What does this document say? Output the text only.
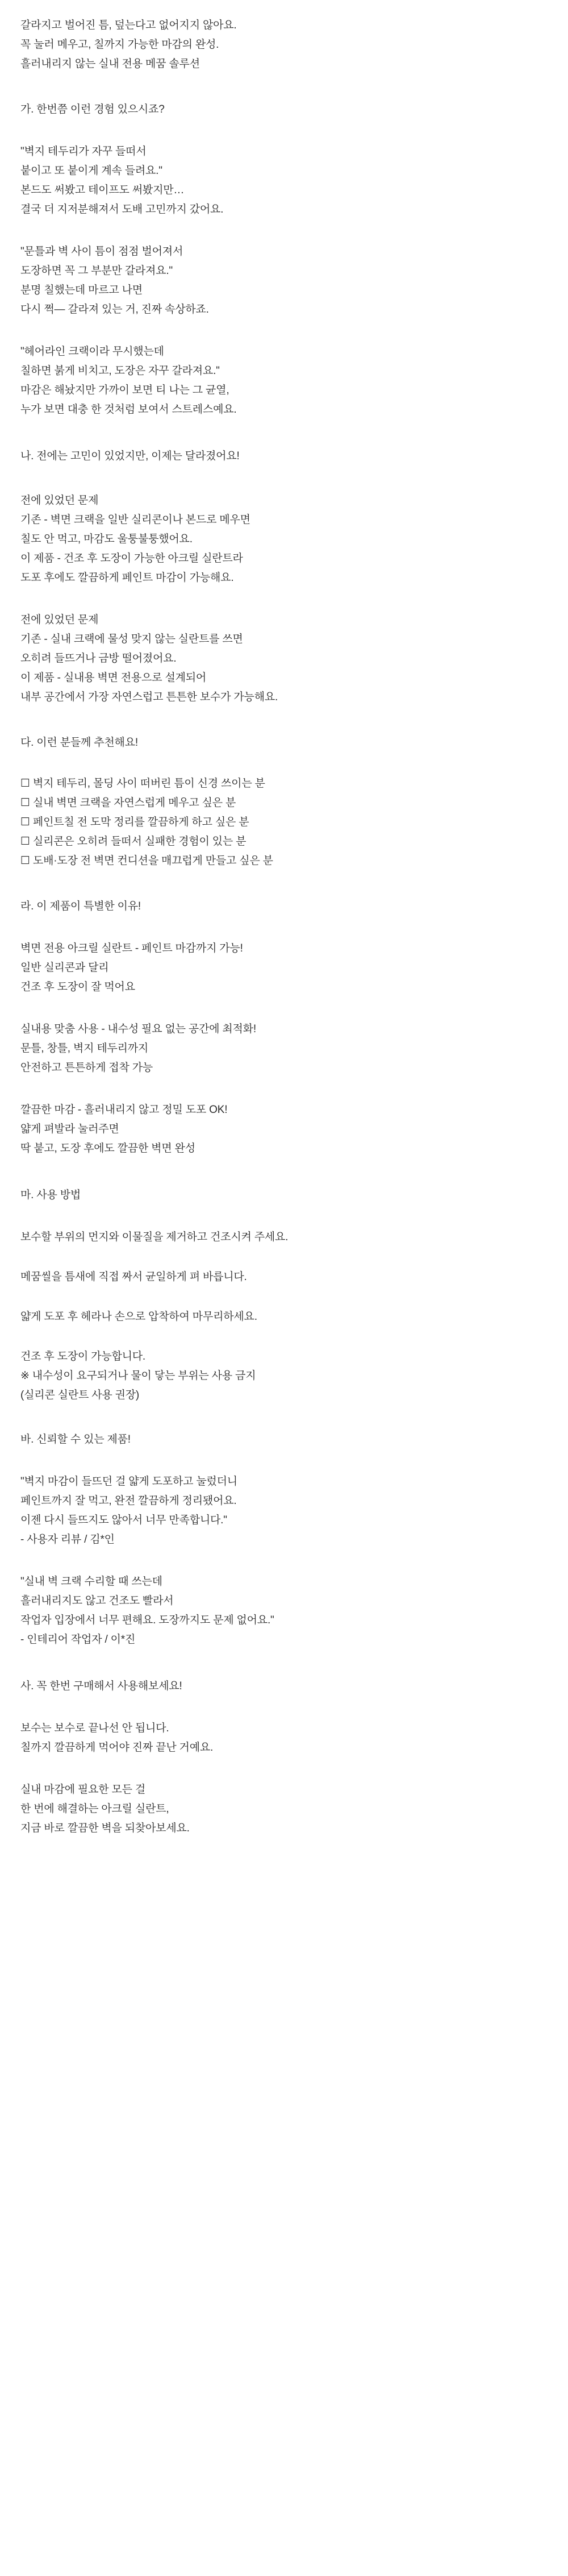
갈라지고 벌어진 틈, 덮는다고 없어지지 않아요.
꼭 눌러 메우고, 칠까지 가능한 마감의 완성.
흘러내리지 않는 실내 전용 메꿈 솔루션
가. 한번쯤 이런 경험 있으시죠?
"벽지 테두리가 자꾸 들떠서
붙이고 또 붙이게 계속 들려요."
본드도 써봤고 테이프도 써봤지만…
결국 더 지저분해져서 도배 고민까지 갔어요.
"문틀과 벽 사이 틈이 점점 벌어져서
도장하면 꼭 그 부분만 갈라져요."
분명 칠했는데 마르고 나면
다시 쩍— 갈라져 있는 거, 진짜 속상하죠.
"헤어라인 크랙이라 무시했는데
칠하면 붉게 비치고, 도장은 자꾸 갈라져요."
마감은 해놨지만 가까이 보면 티 나는 그 균열,
누가 보면 대충 한 것처럼 보여서 스트레스예요.
나. 전에는 고민이 있었지만, 이제는 달라졌어요!
전에 있었던 문제
기존 - 벽면 크랙을 일반 실리콘이나 본드로 메우면
칠도 안 먹고, 마감도 울퉁불퉁했어요.
이 제품 - 건조 후 도장이 가능한 아크릴 실란트라
도포 후에도 깔끔하게 페인트 마감이 가능해요.
전에 있었던 문제
기존 - 실내 크랙에 물성 맞지 않는 실란트를 쓰면
오히려 들뜨거나 금방 떨어졌어요.
이 제품 - 실내용 벽면 전용으로 설계되어
내부 공간에서 가장 자연스럽고 튼튼한 보수가 가능해요.
다. 이런 분들께 추천해요!
☐ 벽지 테두리, 몰딩 사이 떠버린 틈이 신경 쓰이는 분
☐ 실내 벽면 크랙을 자연스럽게 메우고 싶은 분
☐ 페인트칠 전 도막 정리를 깔끔하게 하고 싶은 분
☐ 실리콘은 오히려 들떠서 실패한 경험이 있는 분
☐ 도배·도장 전 벽면 컨디션을 매끄럽게 만들고 싶은 분
라. 이 제품이 특별한 이유!
벽면 전용 아크릴 실란트 - 페인트 마감까지 가능!
일반 실리콘과 달리
건조 후 도장이 잘 먹어요
실내용 맞춤 사용 - 내수성 필요 없는 공간에 최적화!
문틀, 창틀, 벽지 테두리까지
안전하고 튼튼하게 접착 가능
깔끔한 마감 - 흘러내리지 않고 정밀 도포 OK!
얇게 펴발라 눌러주면
딱 붙고, 도장 후에도 깔끔한 벽면 완성
마. 사용 방법
보수할 부위의 먼지와 이물질을 제거하고 건조시켜 주세요.
메꿈씰을 틈새에 직접 짜서 균일하게 펴 바릅니다.
얇게 도포 후 헤라나 손으로 압착하여 마무리하세요.
건조 후 도장이 가능합니다.
※ 내수성이 요구되거나 물이 닿는 부위는 사용 금지
(실리콘 실란트 사용 권장)
바. 신뢰할 수 있는 제품!
"벽지 마감이 들뜨던 걸 얇게 도포하고 눌렀더니
페인트까지 잘 먹고, 완전 깔끔하게 정리됐어요.
이젠 다시 들뜨지도 않아서 너무 만족합니다."
- 사용자 리뷰 / 김*인
"실내 벽 크랙 수리할 때 쓰는데
흘러내리지도 않고 건조도 빨라서
작업자 입장에서 너무 편해요. 도장까지도 문제 없어요."
- 인테리어 작업자 / 이*진
사. 꼭 한번 구매해서 사용해보세요!
보수는 보수로 끝나선 안 됩니다.
칠까지 깔끔하게 먹어야 진짜 끝난 거예요.
실내 마감에 필요한 모든 걸
한 번에 해결하는 아크릴 실란트,
지금 바로 깔끔한 벽을 되찾아보세요.
